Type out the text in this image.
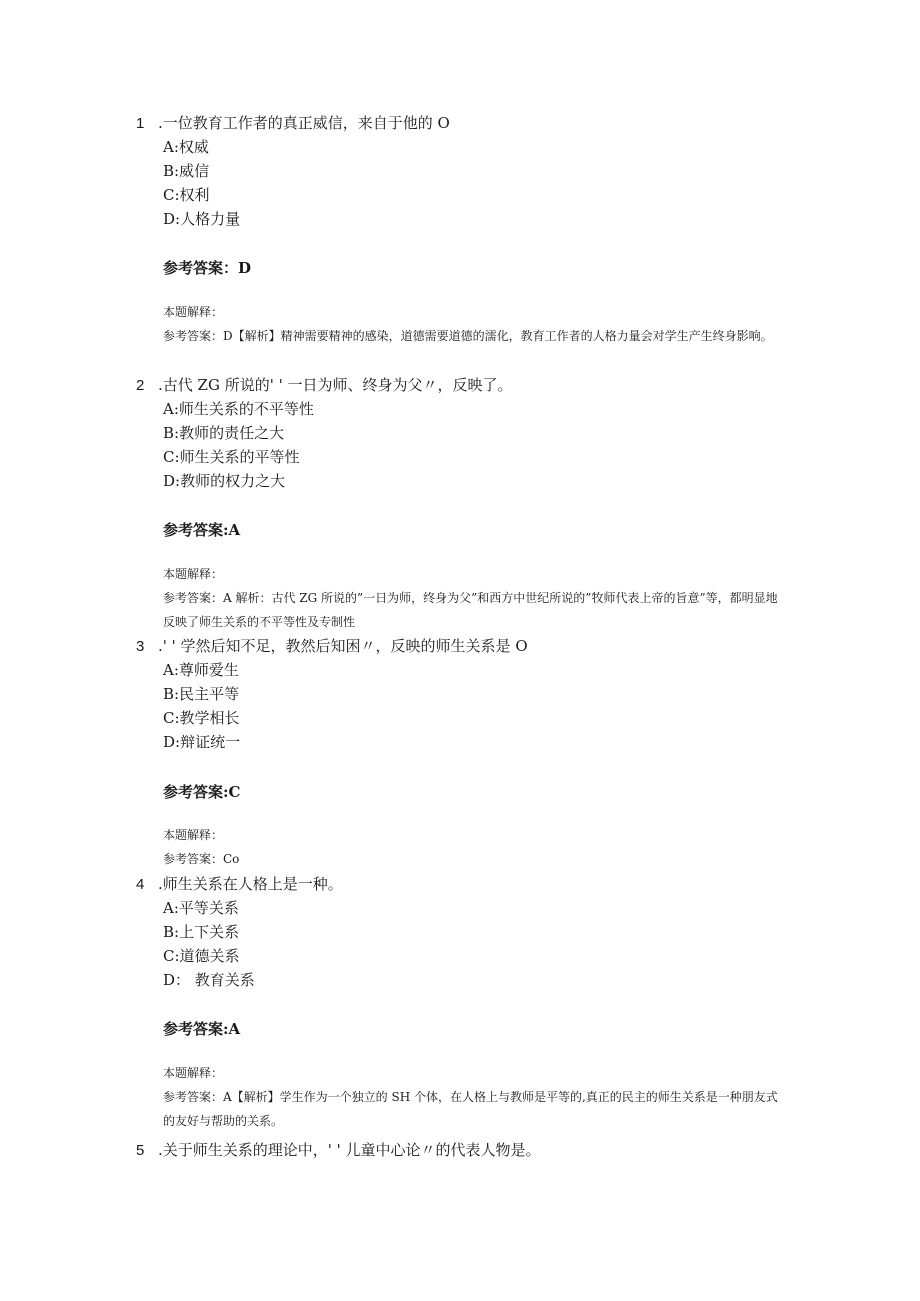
1 .一位教育工作者的真正威信，来自于他的 O
A:权威
B:威信
C:权利
D:人格力量
参考答案：D
本题解释：
参考答案：D【解析】精神需要精神的感染，道德需要道德的濡化，教育工作者的人格力量会对学生产生终身影响。
2 .古代 ZG 所说的' ' 一日为师、终身为父〃，反映了。
A:师生关系的不平等性
B:教师的责任之大
C:师生关系的平等性
D:教师的权力之大
参考答案:A
本题解释：
参考答案：A 解析：古代 ZG 所说的”一日为师，终身为父”和西方中世纪所说的”牧师代表上帝的旨意”等，都明显地反映了师生关系的不平等性及专制性
3 .' ' 学然后知不足，教然后知困〃，反映的师生关系是 O
A:尊师爱生
B:民主平等
C:教学相长
D:辩证统一
参考答案:C
本题解释：
参考答案：Co
4 .师生关系在人格上是一种。
A:平等关系
B:上下关系
C:道德关系
D： 教育关系
参考答案:A
本题解释：
参考答案：A【解析】学生作为一个独立的 SH 个体，在人格上与教师是平等的,真正的民主的师生关系是一种朋友式的友好与帮助的关系。
5 .关于师生关系的理论中，' ' 儿童中心论〃的代表人物是。
